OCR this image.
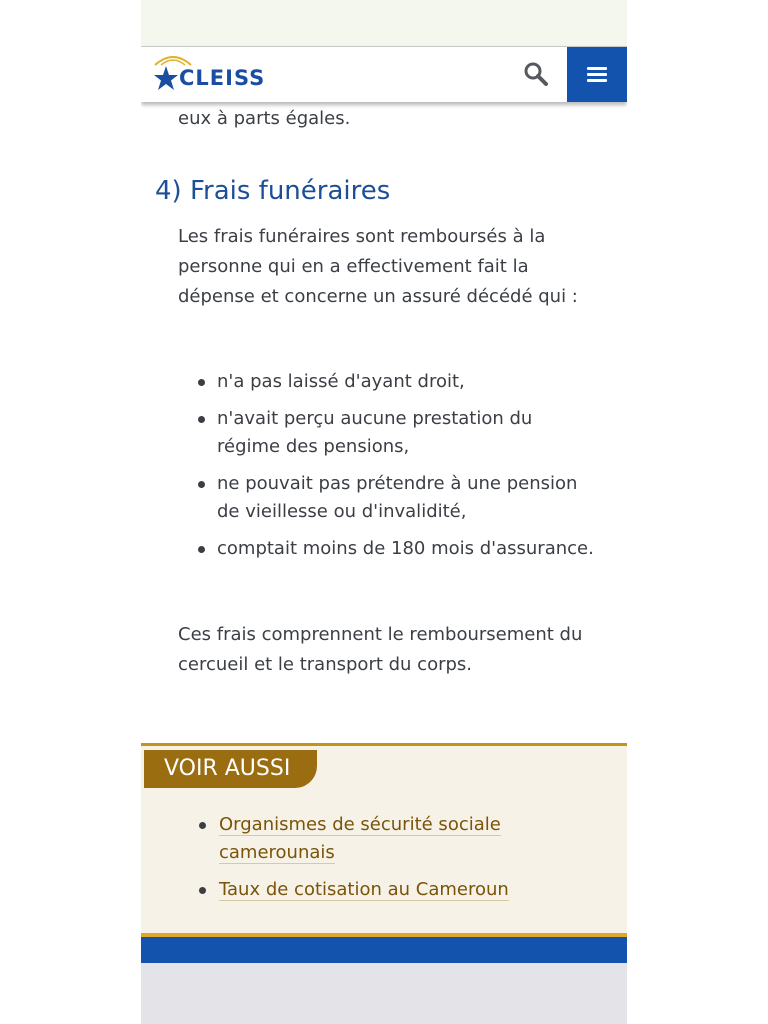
CLEISS

eux à parts égales.

4) Frais funéraires

Les frais funéraires sont remboursés à la personne qui en a effectivement fait la dépense et concerne un assuré décédé qui :

n'a pas laissé d'ayant droit,
n'avait perçu aucune prestation du régime des pensions,
ne pouvait pas prétendre à une pension de vieillesse ou d'invalidité,
comptait moins de 180 mois d'assurance.

Ces frais comprennent le remboursement du cercueil et le transport du corps.

VOIR AUSSI
Organismes de sécurité sociale camerounais
Taux de cotisation au Cameroun
